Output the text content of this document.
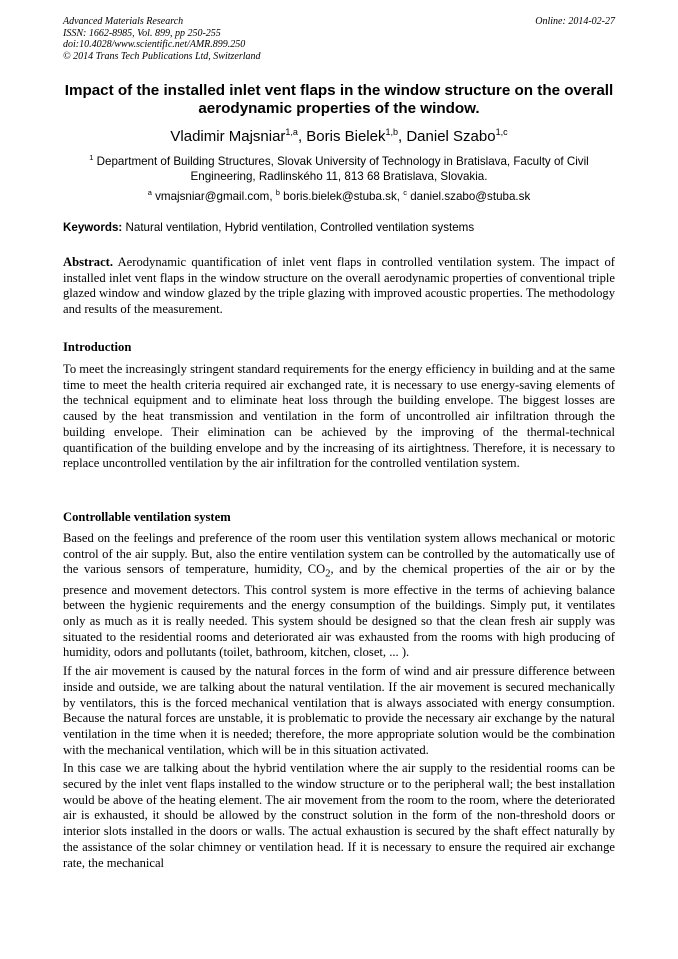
Advanced Materials Research
ISSN: 1662-8985, Vol. 899, pp 250-255
doi:10.4028/www.scientific.net/AMR.899.250
© 2014 Trans Tech Publications Ltd, Switzerland
Online: 2014-02-27
Impact of the installed inlet vent flaps in the window structure on the overall aerodynamic properties of the window.
Vladimir Majsniar$^{1,a}$, Boris Bielek$^{1,b}$, Daniel Szabo$^{1,c}$
$^1$ Department of Building Structures, Slovak University of Technology in Bratislava, Faculty of Civil Engineering, Radlinského 11, 813 68 Bratislava, Slovakia.
$^a$ vmajsniar@gmail.com, $^b$ boris.bielek@stuba.sk, $^c$ daniel.szabo@stuba.sk
Keywords: Natural ventilation, Hybrid ventilation, Controlled ventilation systems
Abstract. Aerodynamic quantification of inlet vent flaps in controlled ventilation system. The impact of installed inlet vent flaps in the window structure on the overall aerodynamic properties of conventional triple glazed window and window glazed by the triple glazing with improved acoustic properties. The methodology and results of the measurement.
Introduction

To meet the increasingly stringent standard requirements for the energy efficiency in building and at the same time to meet the health criteria required air exchanged rate, it is necessary to use energy-saving elements of the technical equipment and to eliminate heat loss through the building envelope. The biggest losses are caused by the heat transmission and ventilation in the form of uncontrolled air infiltration through the building envelope. Their elimination can be achieved by the improving of the thermal-technical quantification of the building envelope and by the increasing of its airtightness. Therefore, it is necessary to replace uncontrolled ventilation by the air infiltration for the controlled ventilation system.

Controllable ventilation system

Based on the feelings and preference of the room user this ventilation system allows mechanical or motoric control of the air supply. But, also the entire ventilation system can be controlled by the automatically use of the various sensors of temperature, humidity, $CO_2$, and by the chemical properties of the air or by the presence and movement detectors. This control system is more effective in the terms of achieving balance between the hygienic requirements and the energy consumption of the buildings. Simply put, it ventilates only as much as it is really needed. This system should be designed so that the clean fresh air supply was situated to the residential rooms and deteriorated air was exhausted from the rooms with high producing of humidity, odors and pollutants (toilet, bathroom, kitchen, closet, ... ).

If the air movement is caused by the natural forces in the form of wind and air pressure difference between inside and outside, we are talking about the natural ventilation. If the air movement is secured mechanically by ventilators, this is the forced mechanical ventilation that is always associated with energy consumption. Because the natural forces are unstable, it is problematic to provide the necessary air exchange by the natural ventilation in the time when it is needed; therefore, the more appropriate solution would be the combination with the mechanical ventilation, which will be in this situation activated.

In this case we are talking about the hybrid ventilation where the air supply to the residential rooms can be secured by the inlet vent flaps installed to the window structure or to the peripheral wall; the best installation would be above of the heating element. The air movement from the room to the room, where the deteriorated air is exhausted, it should be allowed by the construct solution in the form of the non-threshold doors or interior slots installed in the doors or walls. The actual exhaustion is secured by the shaft effect naturally by the assistance of the solar chimney or ventilation head. If it is necessary to ensure the required air exchange rate, the mechanical
